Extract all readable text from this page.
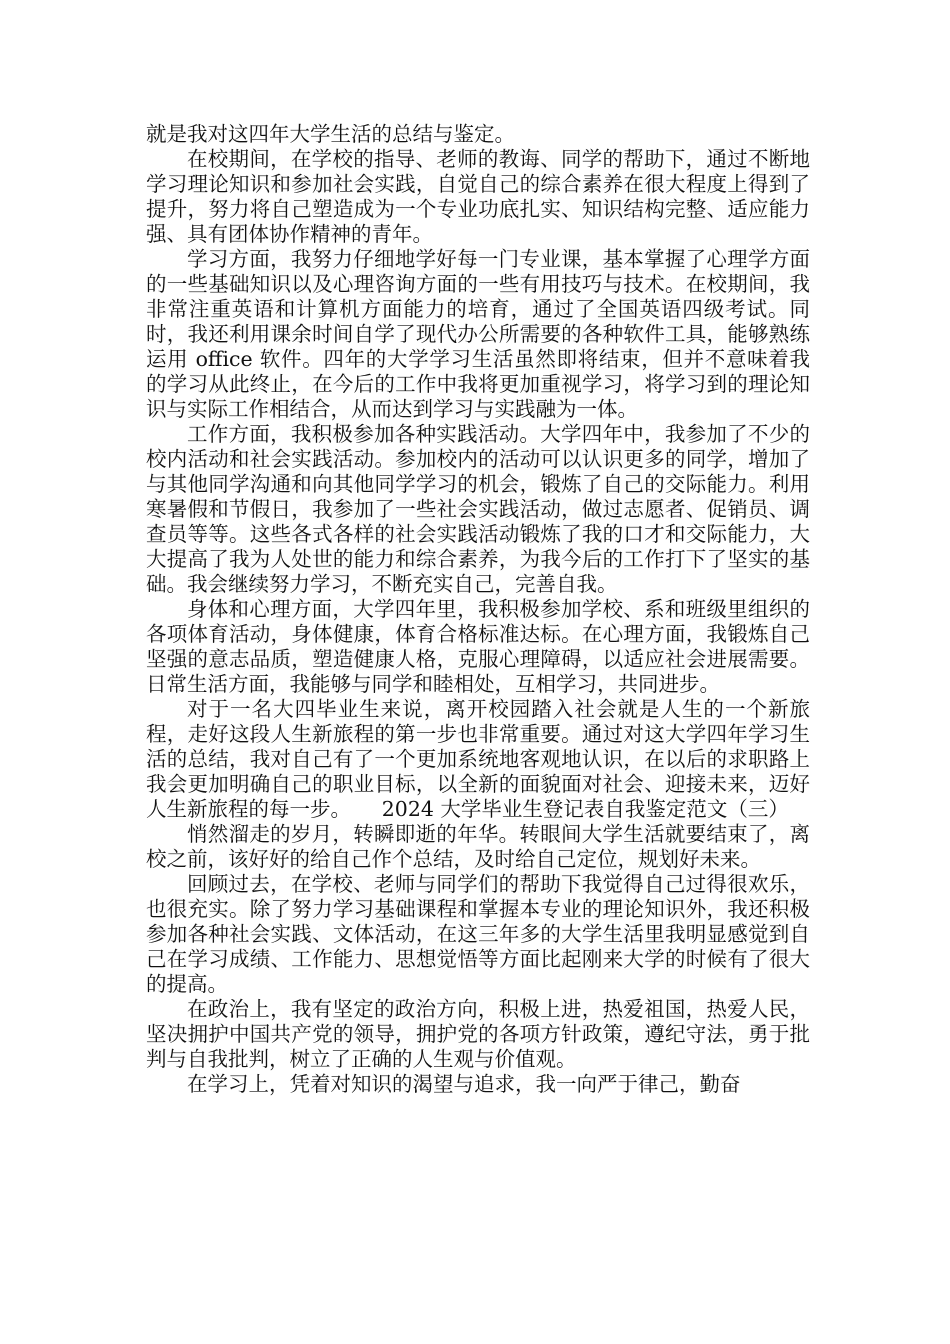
就是我对这四年大学生活的总结与鉴定。

在校期间，在学校的指导、老师的教诲、同学的帮助下，通过不断地学习理论知识和参加社会实践，自觉自己的综合素养在很大程度上得到了提升，努力将自己塑造成为一个专业功底扎实、知识结构完整、适应能力强、具有团体协作精神的青年。

学习方面，我努力仔细地学好每一门专业课，基本掌握了心理学方面的一些基础知识以及心理咨询方面的一些有用技巧与技术。在校期间，我非常注重英语和计算机方面能力的培育，通过了全国英语四级考试。同时，我还利用课余时间自学了现代办公所需要的各种软件工具，能够熟练运用 office 软件。四年的大学学习生活虽然即将结束，但并不意味着我的学习从此终止，在今后的工作中我将更加重视学习，将学习到的理论知识与实际工作相结合，从而达到学习与实践融为一体。

工作方面，我积极参加各种实践活动。大学四年中，我参加了不少的校内活动和社会实践活动。参加校内的活动可以认识更多的同学，增加了与其他同学沟通和向其他同学学习的机会，锻炼了自己的交际能力。利用寒暑假和节假日，我参加了一些社会实践活动，做过志愿者、促销员、调查员等等。这些各式各样的社会实践活动锻炼了我的口才和交际能力，大大提高了我为人处世的能力和综合素养，为我今后的工作打下了坚实的基础。我会继续努力学习，不断充实自己，完善自我。

身体和心理方面，大学四年里，我积极参加学校、系和班级里组织的各项体育活动，身体健康，体育合格标准达标。在心理方面，我锻炼自己坚强的意志品质，塑造健康人格，克服心理障碍，以适应社会进展需要。日常生活方面，我能够与同学和睦相处，互相学习，共同进步。

对于一名大四毕业生来说，离开校园踏入社会就是人生的一个新旅程，走好这段人生新旅程的第一步也非常重要。通过对这大学四年学习生活的总结，我对自己有了一个更加系统地客观地认识，在以后的求职路上我会更加明确自己的职业目标，以全新的面貌面对社会、迎接未来，迈好人生新旅程的每一步。　　2024 大学毕业生登记表自我鉴定范文（三）

悄然溜走的岁月，转瞬即逝的年华。转眼间大学生活就要结束了，离校之前，该好好的给自己作个总结，及时给自己定位，规划好未来。

回顾过去，在学校、老师与同学们的帮助下我觉得自己过得很欢乐，也很充实。除了努力学习基础课程和掌握本专业的理论知识外，我还积极参加各种社会实践、文体活动，在这三年多的大学生活里我明显感觉到自己在学习成绩、工作能力、思想觉悟等方面比起刚来大学的时候有了很大的提高。

在政治上，我有坚定的政治方向，积极上进，热爱祖国，热爱人民，坚决拥护中国共产党的领导，拥护党的各项方针政策，遵纪守法，勇于批判与自我批判，树立了正确的人生观与价值观。

在学习上，凭着对知识的渴望与追求，我一向严于律己，勤奋
